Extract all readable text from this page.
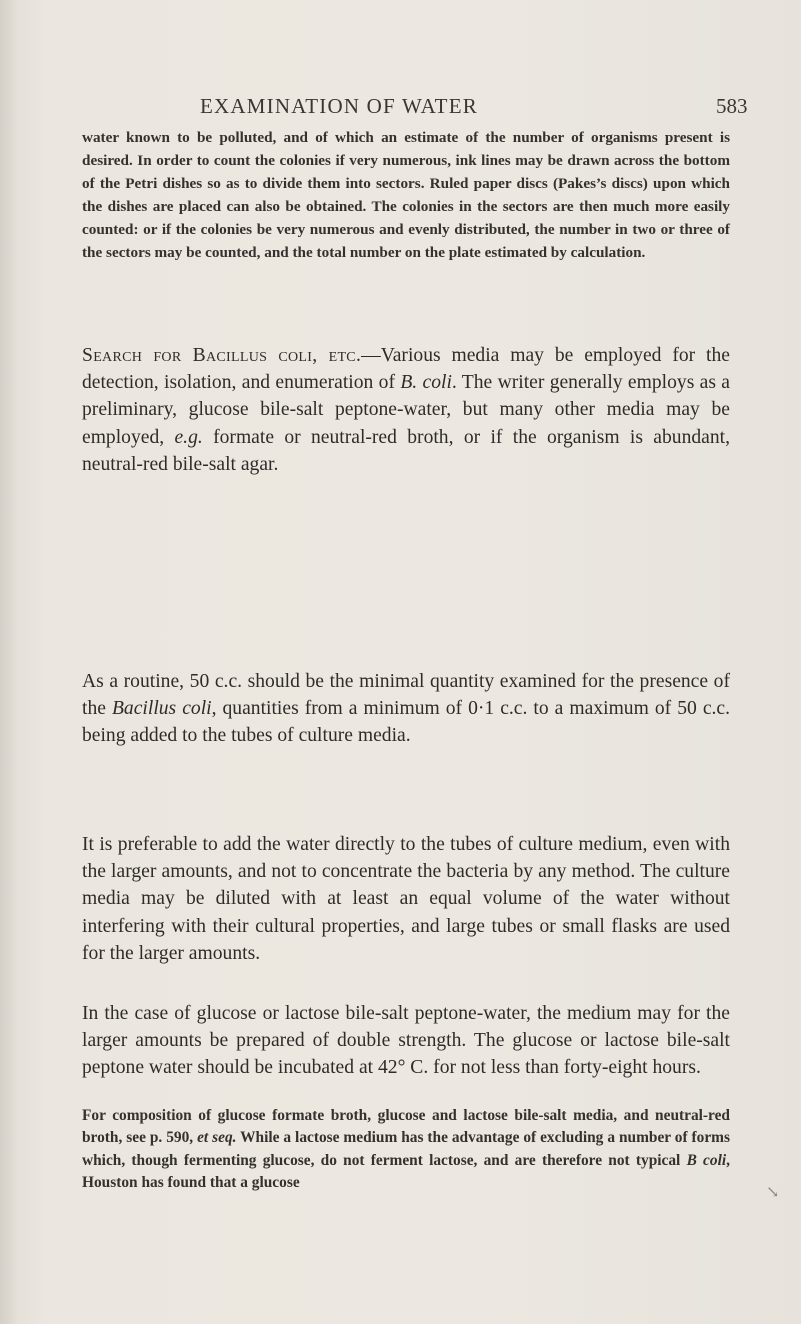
EXAMINATION OF WATER	583

water known to be polluted, and of which an estimate of the number of organisms present is desired. In order to count the colonies if very numerous, ink lines may be drawn across the bottom of the Petri dishes so as to divide them into sectors. Ruled paper discs (Pakes’s discs) upon which the dishes are placed can also be obtained. The colonies in the sectors are then much more easily counted: or if the colonies be very numerous and evenly distributed, the number in two or three of the sectors may be counted, and the total number on the plate estimated by calculation.

Search for Bacillus coli, etc.—Various media may be employed for the detection, isolation, and enumeration of B. coli. The writer generally employs as a preliminary, glucose bile-salt peptone-water, but many other media may be employed, e.g. formate or neutral-red broth, or if the organism is abundant, neutral-red bile-salt agar.

As a routine, 50 c.c. should be the minimal quantity examined for the presence of the Bacillus coli, quantities from a minimum of 0·1 c.c. to a maximum of 50 c.c. being added to the tubes of culture media.

It is preferable to add the water directly to the tubes of culture medium, even with the larger amounts, and not to concentrate the bacteria by any method. The culture media may be diluted with at least an equal volume of the water without interfering with their cultural properties, and large tubes or small flasks are used for the larger amounts.

In the case of glucose or lactose bile-salt peptone-water, the medium may for the larger amounts be prepared of double strength. The glucose or lactose bile-salt peptone water should be incubated at 42° C. for not less than forty-eight hours.

For composition of glucose formate broth, glucose and lactose bile-salt media, and neutral-red broth, see p. 590, et seq. While a lactose medium has the advantage of excluding a number of forms which, though fermenting glucose, do not ferment lactose, and are therefore not typical B coli, Houston has found that a glucose

↘
